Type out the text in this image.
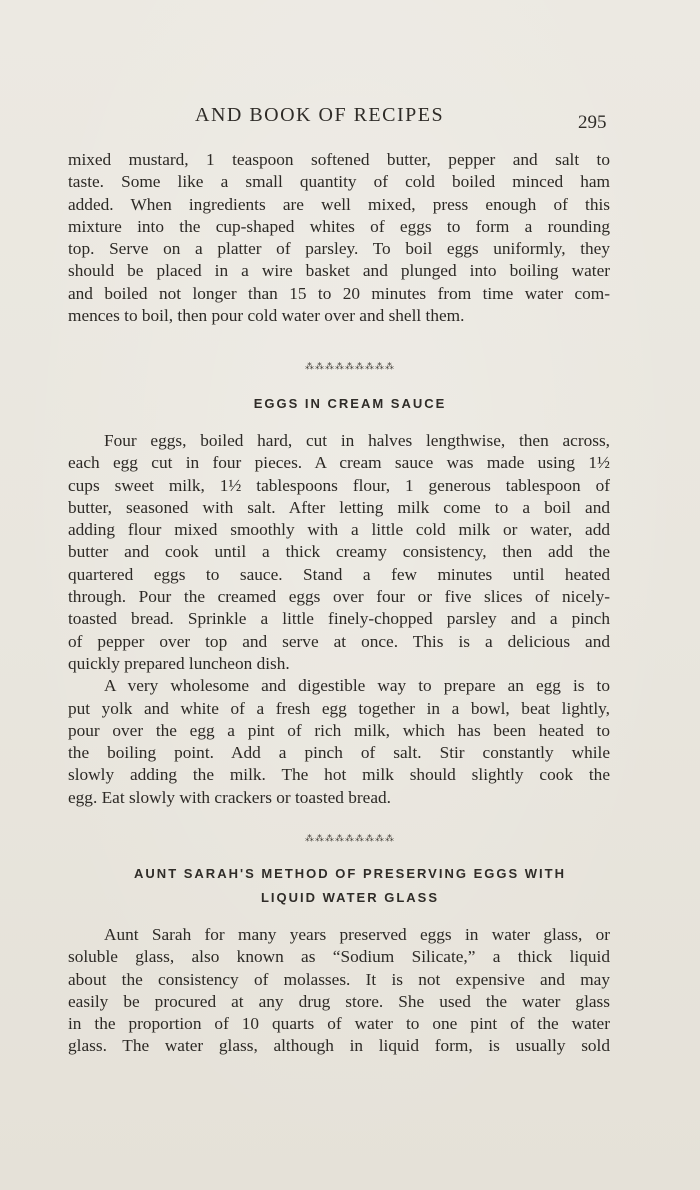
AND BOOK OF RECIPES	295
mixed mustard, 1 teaspoon softened butter, pepper and salt to
taste. Some like a small quantity of cold boiled minced ham
added. When ingredients are well mixed, press enough of this
mixture into the cup-shaped whites of eggs to form a rounding
top. Serve on a platter of parsley. To boil eggs uniformly, they
should be placed in a wire basket and plunged into boiling water
and boiled not longer than 15 to 20 minutes from time water com-
mences to boil, then pour cold water over and shell them.
⁂⁂⁂⁂⁂⁂⁂⁂⁂
EGGS IN CREAM SAUCE
Four eggs, boiled hard, cut in halves lengthwise, then across,
each egg cut in four pieces. A cream sauce was made using 1½
cups sweet milk, 1½ tablespoons flour, 1 generous tablespoon of
butter, seasoned with salt. After letting milk come to a boil and
adding flour mixed smoothly with a little cold milk or water, add
butter and cook until a thick creamy consistency, then add the
quartered eggs to sauce. Stand a few minutes until heated
through. Pour the creamed eggs over four or five slices of nicely-
toasted bread. Sprinkle a little finely-chopped parsley and a pinch
of pepper over top and serve at once. This is a delicious and
quickly prepared luncheon dish.
A very wholesome and digestible way to prepare an egg is to
put yolk and white of a fresh egg together in a bowl, beat lightly,
pour over the egg a pint of rich milk, which has been heated to
the boiling point. Add a pinch of salt. Stir constantly while
slowly adding the milk. The hot milk should slightly cook the
egg. Eat slowly with crackers or toasted bread.
⁂⁂⁂⁂⁂⁂⁂⁂⁂
AUNT SARAH'S METHOD OF PRESERVING EGGS WITH
LIQUID WATER GLASS
Aunt Sarah for many years preserved eggs in water glass, or
soluble glass, also known as “Sodium Silicate,” a thick liquid
about the consistency of molasses. It is not expensive and may
easily be procured at any drug store. She used the water glass
in the proportion of 10 quarts of water to one pint of the water
glass. The water glass, although in liquid form, is usually sold
